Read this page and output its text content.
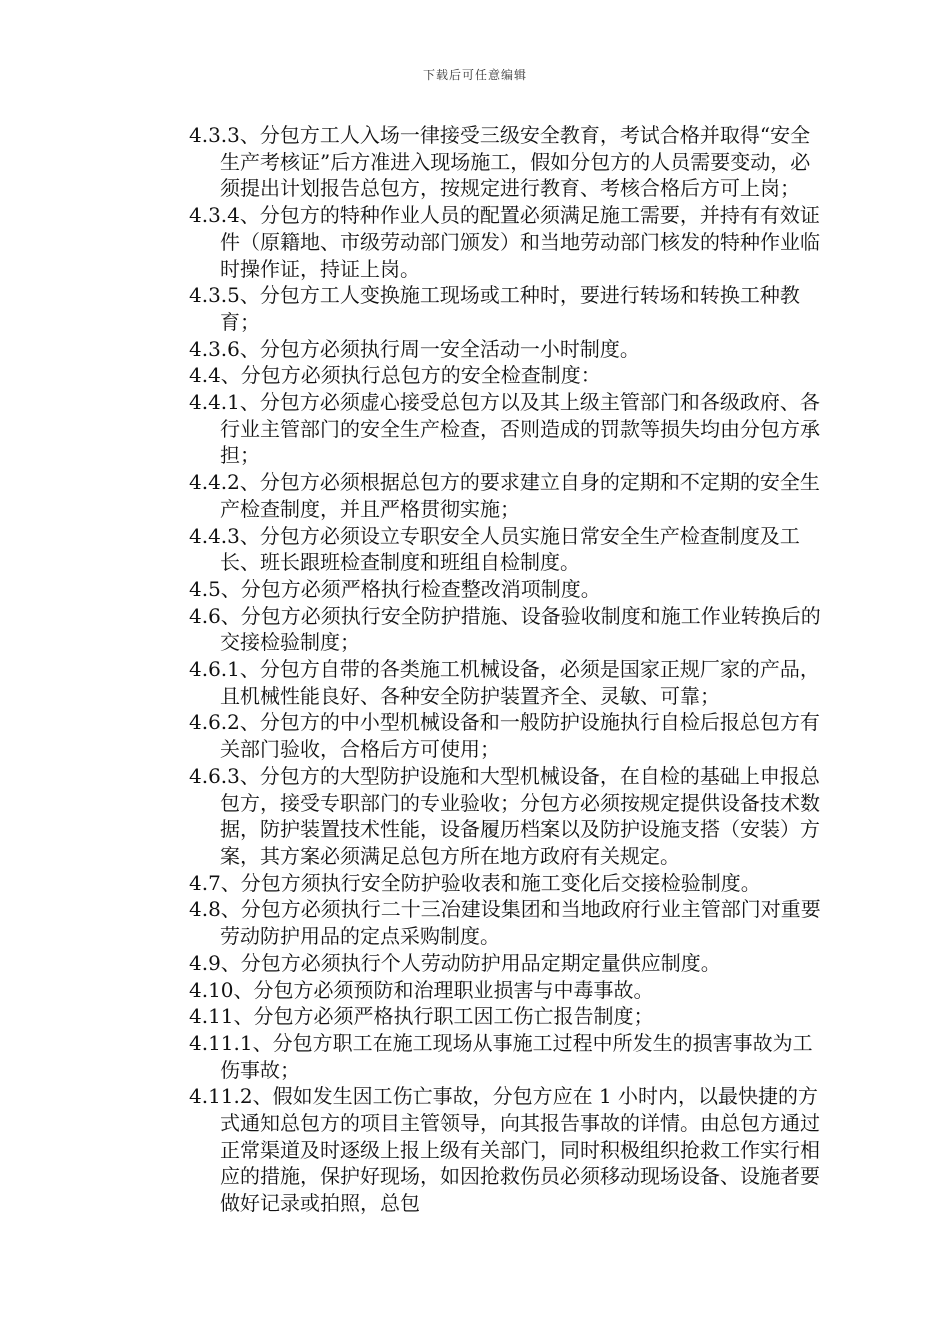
下载后可任意编辑

4.3.3、分包方工人入场一律接受三级安全教育，考试合格并取得“安全生产考核证”后方准进入现场施工，假如分包方的人员需要变动，必须提出计划报告总包方，按规定进行教育、考核合格后方可上岗；

4.3.4、分包方的特种作业人员的配置必须满足施工需要，并持有有效证件（原籍地、市级劳动部门颁发）和当地劳动部门核发的特种作业临时操作证，持证上岗。

4.3.5、分包方工人变换施工现场或工种时，要进行转场和转换工种教育；

4.3.6、分包方必须执行周一安全活动一小时制度。

4.4、分包方必须执行总包方的安全检查制度：

4.4.1、分包方必须虚心接受总包方以及其上级主管部门和各级政府、各行业主管部门的安全生产检查，否则造成的罚款等损失均由分包方承担；

4.4.2、分包方必须根据总包方的要求建立自身的定期和不定期的安全生产检查制度，并且严格贯彻实施；

4.4.3、分包方必须设立专职安全人员实施日常安全生产检查制度及工长、班长跟班检查制度和班组自检制度。

4.5、分包方必须严格执行检查整改消项制度。

4.6、分包方必须执行安全防护措施、设备验收制度和施工作业转换后的交接检验制度；

4.6.1、分包方自带的各类施工机械设备，必须是国家正规厂家的产品，且机械性能良好、各种安全防护装置齐全、灵敏、可靠；

4.6.2、分包方的中小型机械设备和一般防护设施执行自检后报总包方有关部门验收，合格后方可使用；

4.6.3、分包方的大型防护设施和大型机械设备，在自检的基础上申报总包方，接受专职部门的专业验收；分包方必须按规定提供设备技术数据，防护装置技术性能，设备履历档案以及防护设施支搭（安装）方案，其方案必须满足总包方所在地方政府有关规定。

4.7、分包方须执行安全防护验收表和施工变化后交接检验制度。

4.8、分包方必须执行二十三冶建设集团和当地政府行业主管部门对重要劳动防护用品的定点采购制度。

4.9、分包方必须执行个人劳动防护用品定期定量供应制度。

4.10、分包方必须预防和治理职业损害与中毒事故。

4.11、分包方必须严格执行职工因工伤亡报告制度；

4.11.1、分包方职工在施工现场从事施工过程中所发生的损害事故为工伤事故；

4.11.2、假如发生因工伤亡事故，分包方应在 1 小时内，以最快捷的方式通知总包方的项目主管领导，向其报告事故的详情。由总包方通过正常渠道及时逐级上报上级有关部门，同时积极组织抢救工作实行相应的措施，保护好现场，如因抢救伤员必须移动现场设备、设施者要做好记录或拍照，总包
